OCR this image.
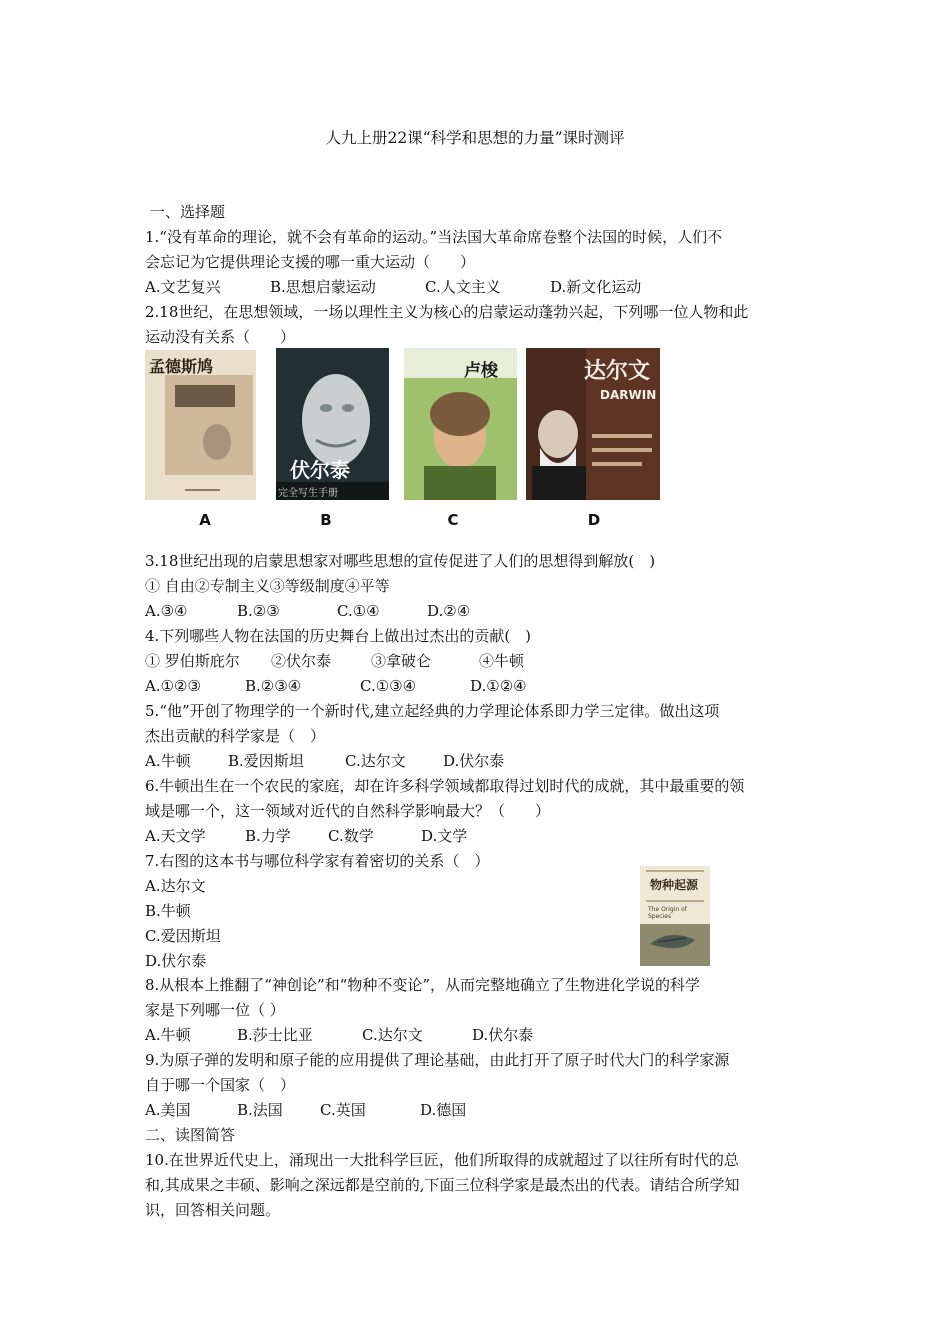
人九上册22课“科学和思想的力量”课时测评
一、选择题
1.“没有革命的理论，就不会有革命的运动。”当法国大革命席卷整个法国的时候，人们不
会忘记为它提供理论支援的哪一重大运动（　　）
A.文艺复兴	B.思想启蒙运动	C.人文主义	D.新文化运动
2.18世纪，在思想领域，一场以理性主义为核心的启蒙运动蓬勃兴起，下列哪一位人物和此
运动没有关系（　　）
孟德斯鸠
A
伏尔泰
完全写生手册
B
卢梭
C
达尔文
DARWIN
D
3.18世纪出现的启蒙思想家对哪些思想的宣传促进了人们的思想得到解放(　)
① 自由②专制主义③等级制度④平等
A.③④	B.②③	C.①④	D.②④
4.下列哪些人物在法国的历史舞台上做出过杰出的贡献(　)
① 罗伯斯庇尔 ②伏尔泰	③拿破仑	④牛顿
A.①②③	B.②③④	C.①③④	D.①②④
5.“他”开创了物理学的一个新时代,建立起经典的力学理论体系即力学三定律。做出这项
杰出贡献的科学家是（　）
A.牛顿 B.爱因斯坦	C.达尔文 D.伏尔泰
6.牛顿出生在一个农民的家庭，却在许多科学领域都取得过划时代的成就，其中最重要的领
域是哪一个，这一领域对近代的自然科学影响最大？（　　）
A.天文学	B.力学 C.数学	D.文学
7.右图的这本书与哪位科学家有着密切的关系（　）
A.达尔文
B.牛顿
C.爱因斯坦
D.伏尔泰
物种起源
The Origin of Species
8.从根本上推翻了“神创论”和“物种不变论”，从而完整地确立了生物进化学说的科学
家是下列哪一位（ ）
A.牛顿	B.莎士比亚	C.达尔文	D.伏尔泰
9.为原子弹的发明和原子能的应用提供了理论基础，由此打开了原子时代大门的科学家源
自于哪一个国家（　）
A.美国	B.法国 C.英国	D.德国
二、读图简答
10.在世界近代史上，涌现出一大批科学巨匠，他们所取得的成就超过了以往所有时代的总
和,其成果之丰硕、影响之深远都是空前的,下面三位科学家是最杰出的代表。请结合所学知
识，回答相关问题。
